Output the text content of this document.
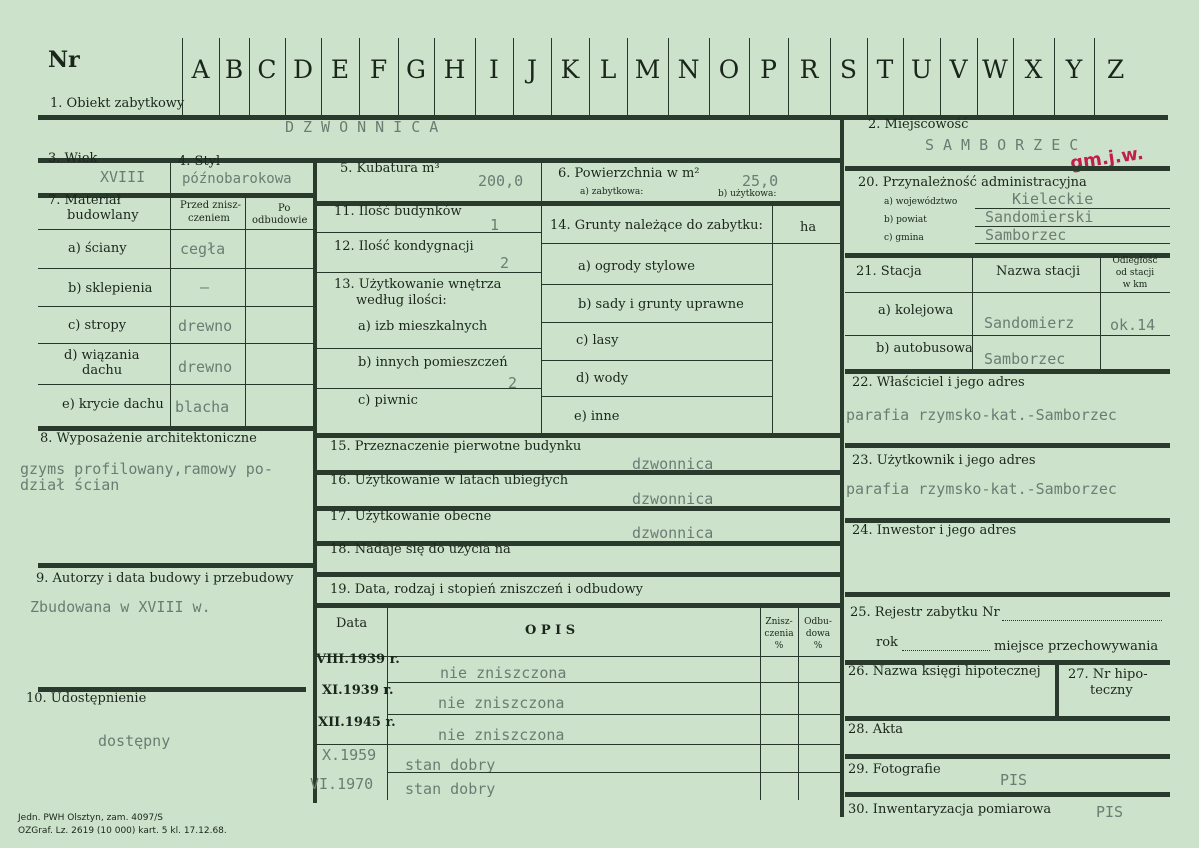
Nr	A B C D E F G H I	J K L M N O P R S T U V W X Y Z
1. Obiekt zabytkowy
DZWONNICA	2. Miejscowość
SAMBORZEC
gm.j.w.
3. Wiek
XVIII
4. Styl
późnobarokowa
5. Kubatura m³
200,0	6. Powierzchnia w m²
a) zabytkowa:	b) użytkowa:
25,0
7. Materiał
budowlany
Przed znisz-
czeniem
Po
odbudowie
a) ściany	cegła
b) sklepienia	–
c) stropy	drewno
d) wiązania
dachu	drewno
e) krycie dachu blacha
8. Wyposażenie architektoniczne
gzyms profilowany,ramowy po-
dział ścian
9. Autorzy i data budowy i przebudowy
Zbudowana w XVIII w.
10. Udostępnienie
dostępny
11. Ilość budynków
1
12. Ilość kondygnacji
2
13. Użytkowanie wnętrza
według ilości:
a) izb mieszkalnych
b) innych pomieszczeń
2
c) piwnic
14. Grunty należące do zabytku:	ha
a) ogrody stylowe
b) sady i grunty uprawne
c) lasy
d) wody
e) inne
15. Przeznaczenie pierwotne budynku
dzwonnica
16. Użytkowanie w latach ubiegłych
dzwonnica
17. Użytkowanie obecne
dzwonnica
18. Nadaje się do użycia na
19. Data, rodzaj i stopień zniszczeń i odbudowy
Data	O P I S
Znisz-
czenia
%
Odbu-
dowa
%
VIII.1939 r.
nie zniszczona
XI.1939 r.
nie zniszczona
XII.1945 r.
nie zniszczona
X.1959
stan dobry
VI.1970 stan dobry
20. Przynależność administracyjna
a) województwo	Kieleckie
b) powiat	Sandomierski
c) gmina	Samborzec
21. Stacja	Nazwa stacji
Odległość
od stacji
w km
a) kolejowa
Sandomierz ok.14
b) autobusowa
Samborzec
22. Właściciel i jego adres
parafia rzymsko-kat.-Samborzec
23. Użytkownik i jego adres
parafia rzymsko-kat.-Samborzec
24. Inwestor i jego adres
25. Rejestr zabytku Nr
rok	miejsce przechowywania
26. Nazwa księgi hipotecznej 27. Nr hipo-
teczny
28. Akta
29. Fotografie
PIS
30. Inwentaryzacja pomiarowa	PIS
Jedn. PWH Olsztyn, zam. 4097/S
OZGraf. Lz. 2619 (10 000) kart. 5 kl. 17.12.68.
